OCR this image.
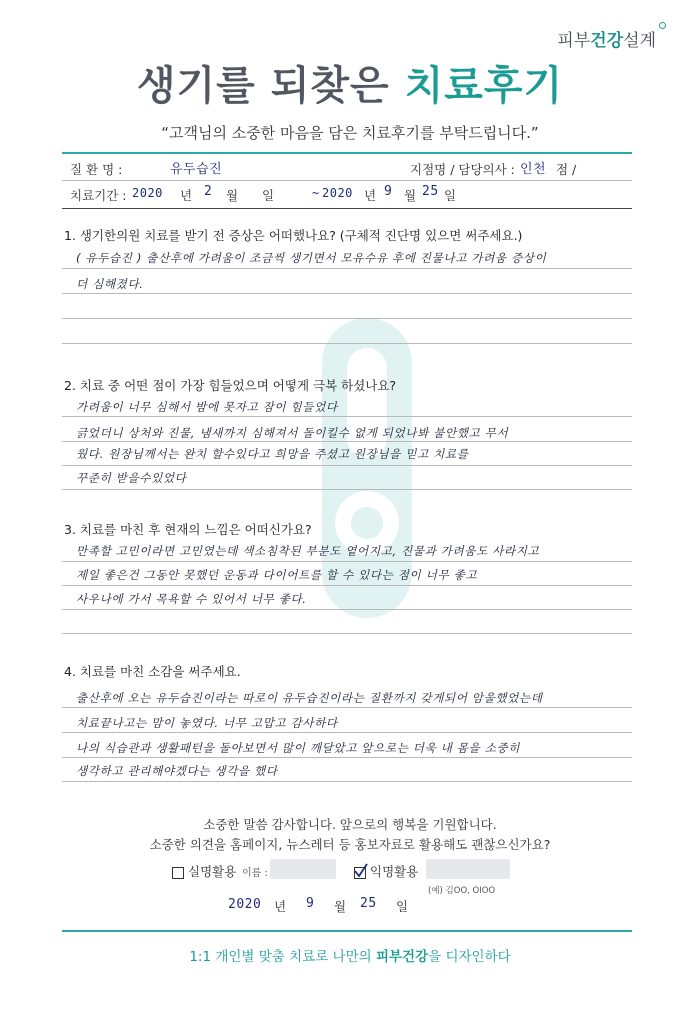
피부건강설계
생기를 되찾은 치료후기
“고객님의 소중한 마음을 담은 치료후기를 부탁드립니다.”
질 환 명 :	유두습진	지점명 / 담당의사 : 인천 점 /
치료기간 : 2020 년 2 월 일	~ 2020 년 9 월 25 일
1. 생기한의원 치료를 받기 전 증상은 어떠했나요? (구체적 진단명 있으면 써주세요.)
( 유두습진 ) 출산후에 가려움이 조금씩 생기면서 모유수유 후에 진물나고 가려움 증상이
더 심해졌다.
2. 치료 중 어떤 점이 가장 힘들었으며 어떻게 극복 하셨나요?
가려움이 너무 심해서 밤에 못자고 잠이 힘들었다
긁었더니 상처와 진물, 냄새까지 심해져서 돌이킬수 없게 되었나봐 불안했고 무서
웠다. 원장님께서는 완치 할수있다고 희망을 주셨고 원장님을 믿고 치료를
꾸준히 받을수있었다
3. 치료를 마친 후 현재의 느낌은 어떠신가요?
만족할 고민이라면 고민였는데 색소침착된 부분도 옅어지고, 진물과 가려움도 사라지고
제일 좋은건 그동안 못했던 운동과 다이어트를 할 수 있다는 점이 너무 좋고
사우나에 가서 목욕할 수 있어서 너무 좋다.
4. 치료를 마친 소감을 써주세요.
출산후에 오는 유두습진이라는 따로이 유두습진이라는 질환까지 갖게되어 암울했었는데
치료끝나고는 맘이 놓였다. 너무 고맙고 감사하다
나의 식습관과 생활패턴을 돌아보면서 많이 깨달았고 앞으로는 더욱 내 몸을 소중히
생각하고 관리해야겠다는 생각을 했다
소중한 말씀 감사합니다. 앞으로의 행복을 기원합니다.
소중한 의견을 홈페이지, 뉴스레터 등 홍보자료로 활용해도 괜찮으신가요?
실명활용 이름 :	익명활용
(예) 김OO, OIOO
2020 년 9 월 25 일
1:1 개인별 맞춤 치료로 나만의 피부건강을 디자인하다
